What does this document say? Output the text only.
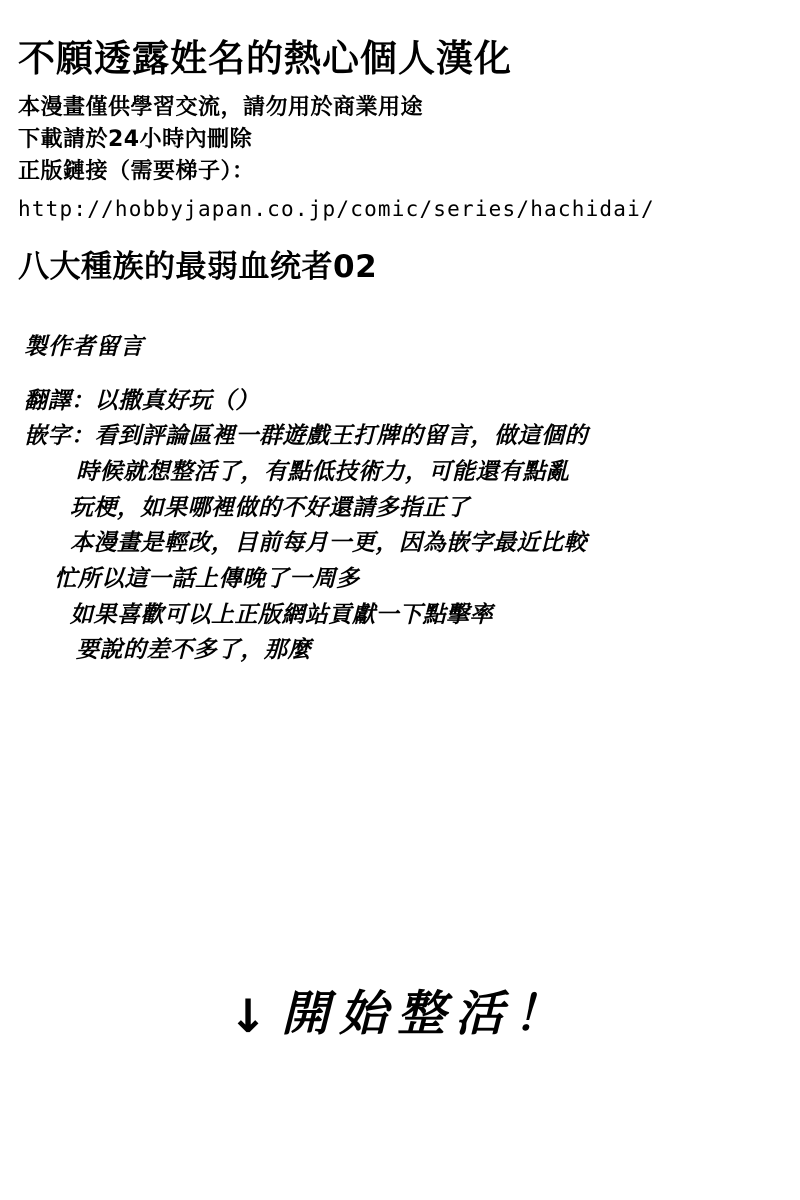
不願透露姓名的熱心個人漢化
本漫畫僅供學習交流，請勿用於商業用途
下載請於24小時內刪除
正版鏈接（需要梯子）：
http://hobbyjapan.co.jp/comic/series/hachidai/
八大種族的最弱血统者02
製作者留言
翻譯：以撒真好玩（）
嵌字：看到評論區裡一群遊戲王打牌的留言，做這個的
時候就想整活了，有點低技術力，可能還有點亂
玩梗，如果哪裡做的不好還請多指正了
本漫畫是輕改，目前每月一更，因為嵌字最近比較
忙所以這一話上傳晚了一周多
如果喜歡可以上正版網站貢獻一下點擊率
要說的差不多了，那麼
↓ 開始整活！
